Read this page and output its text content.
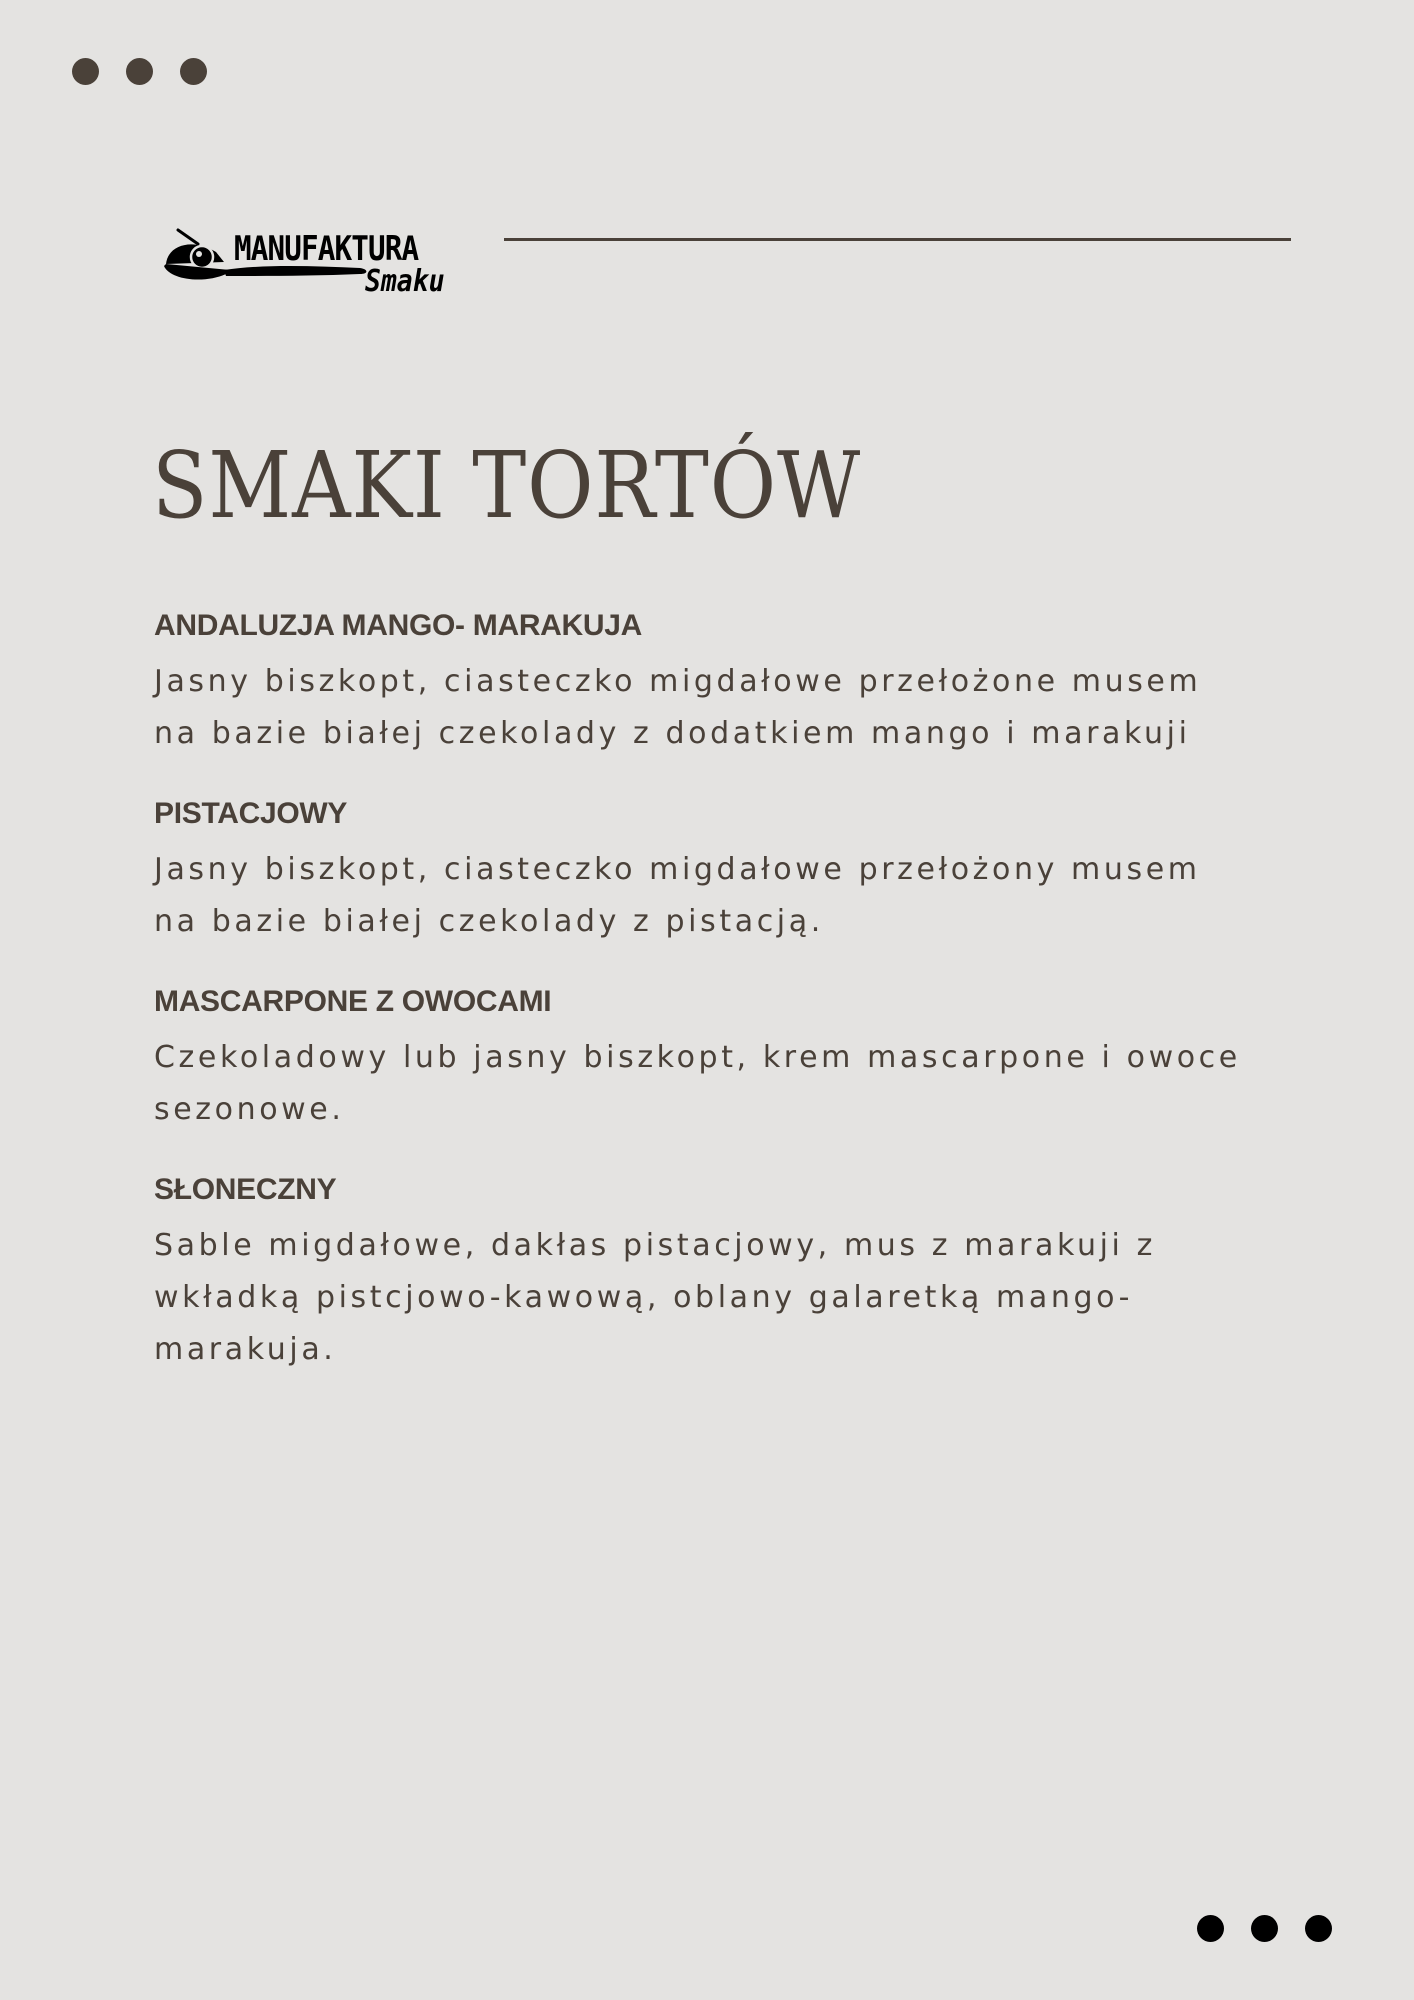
MANUFAKTURA
Smaku
SMAKI TORTÓW
ANDALUZJA MANGO- MARAKUJA
Jasny biszkopt, ciasteczko migdałowe przełożone musem
na bazie białej czekolady z dodatkiem mango i marakuji
PISTACJOWY
Jasny biszkopt, ciasteczko migdałowe przełożony musem
na bazie białej czekolady z pistacją.
MASCARPONE Z OWOCAMI
Czekoladowy lub jasny biszkopt, krem mascarpone i owoce
sezonowe.
SŁONECZNY
Sable migdałowe, dakłas pistacjowy, mus z marakuji z
wkładką pistcjowo-kawową, oblany galaretką mango-
marakuja.
